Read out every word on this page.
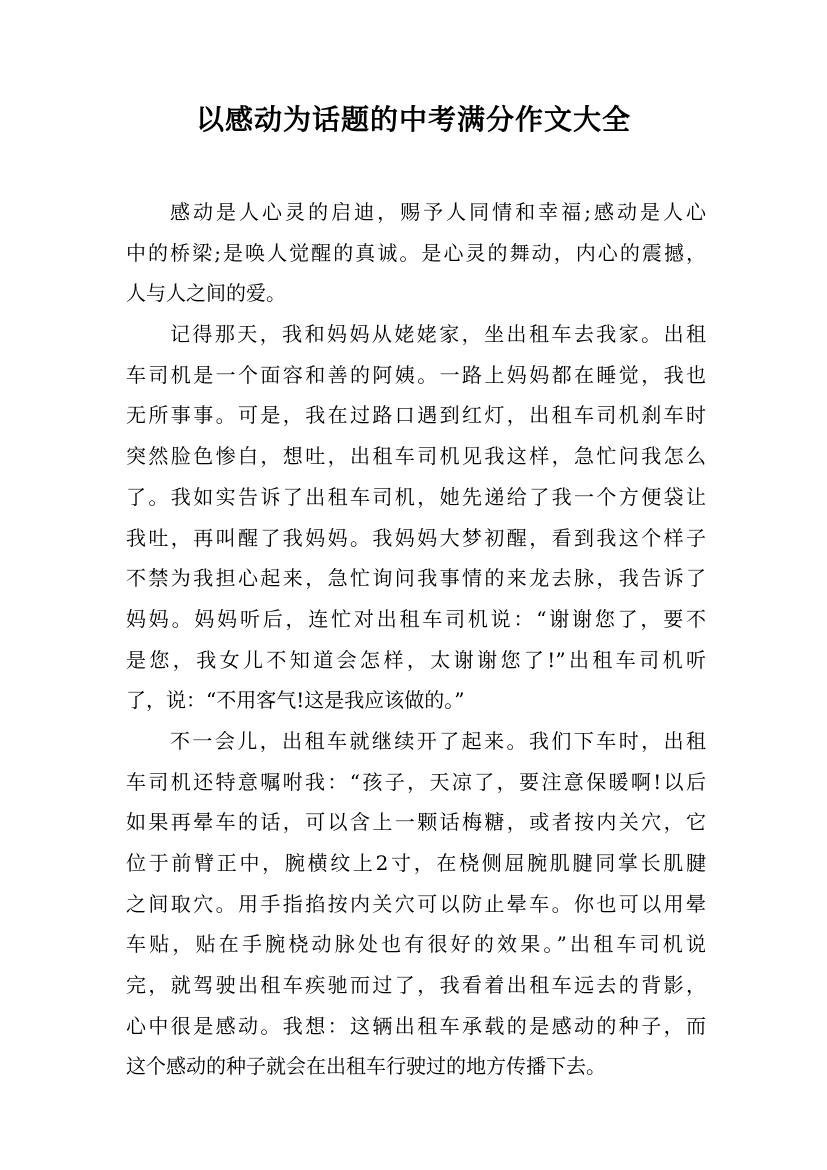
以感动为话题的中考满分作文大全

感动是人心灵的启迪，赐予人同情和幸福;感动是人心
中的桥梁;是唤人觉醒的真诚。是心灵的舞动，内心的震撼，
人与人之间的爱。

记得那天，我和妈妈从姥姥家，坐出租车去我家。出租
车司机是一个面容和善的阿姨。一路上妈妈都在睡觉，我也
无所事事。可是，我在过路口遇到红灯，出租车司机刹车时
突然脸色惨白，想吐，出租车司机见我这样，急忙问我怎么
了。我如实告诉了出租车司机，她先递给了我一个方便袋让
我吐，再叫醒了我妈妈。我妈妈大梦初醒，看到我这个样子
不禁为我担心起来，急忙询问我事情的来龙去脉，我告诉了
妈妈。妈妈听后，连忙对出租车司机说：“谢谢您了，要不
是您，我女儿不知道会怎样，太谢谢您了!”出租车司机听
了，说：“不用客气!这是我应该做的。”

不一会儿，出租车就继续开了起来。我们下车时，出租
车司机还特意嘱咐我：“孩子，天凉了，要注意保暖啊!以后
如果再晕车的话，可以含上一颗话梅糖，或者按内关穴，它
位于前臂正中，腕横纹上2寸，在桡侧屈腕肌腱同掌长肌腱
之间取穴。用手指掐按内关穴可以防止晕车。你也可以用晕
车贴，贴在手腕桡动脉处也有很好的效果。”出租车司机说
完，就驾驶出租车疾驰而过了，我看着出租车远去的背影，
心中很是感动。我想：这辆出租车承载的是感动的种子，而
这个感动的种子就会在出租车行驶过的地方传播下去。
